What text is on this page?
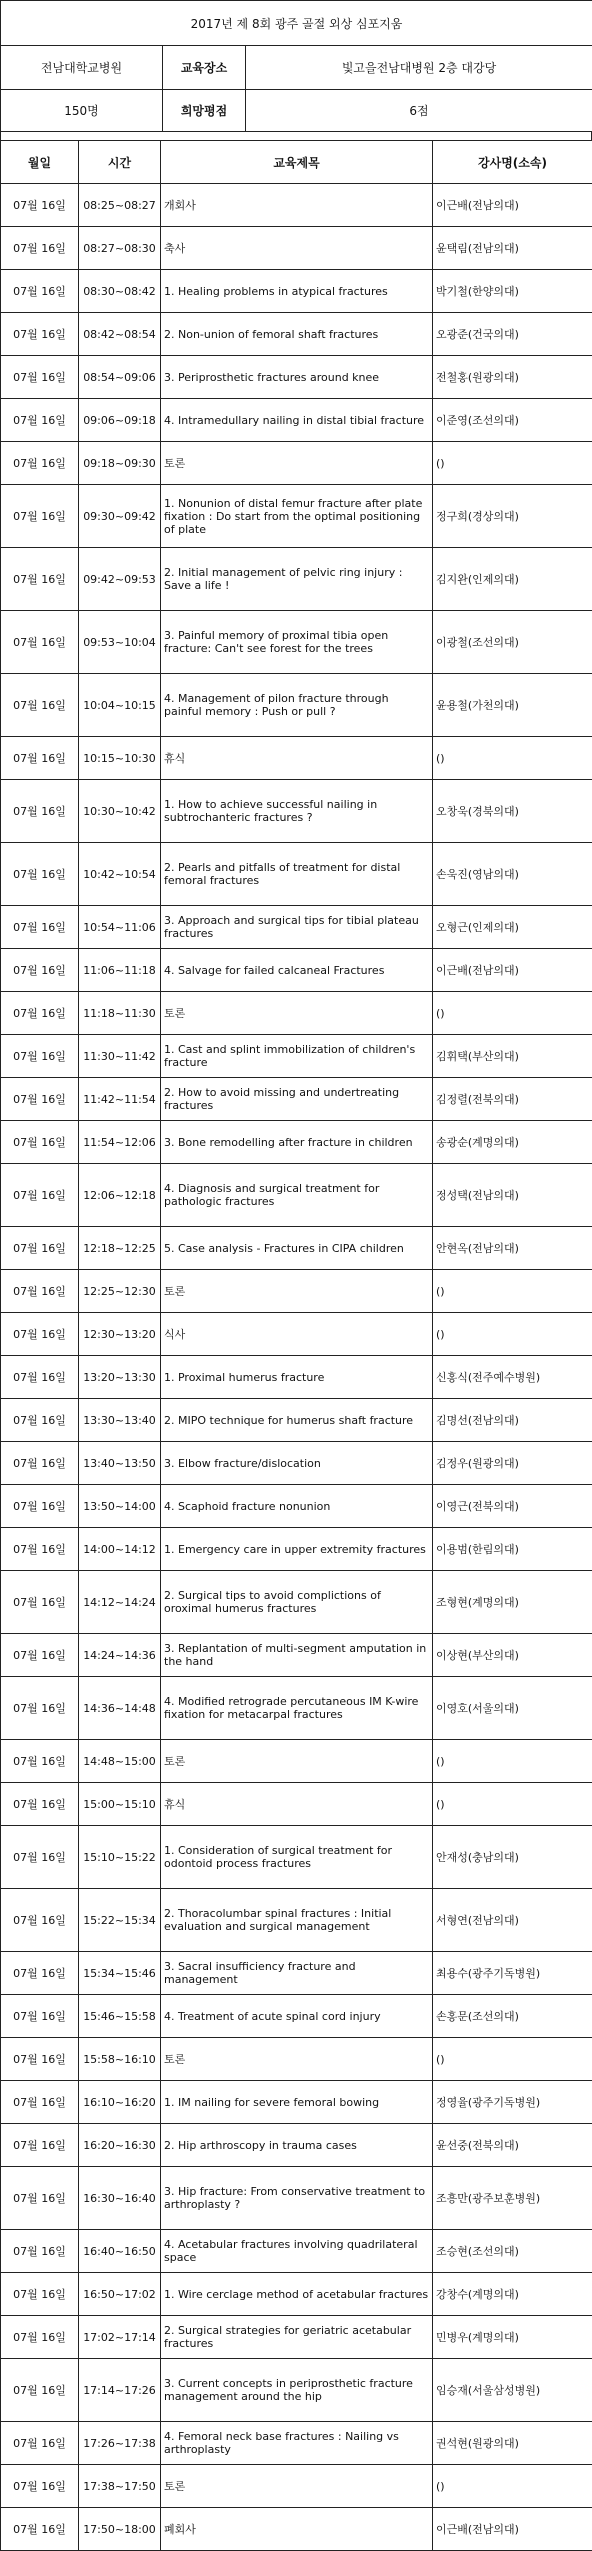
2017년 제 8회 광주 골절 외상 심포지움		
전남대학교병원	교육장소	빛고을전남대병원 2층 대강당
150명	희망평점	6점
월일	시간	교육제목	강사명(소속)
07월 16일	08:25~08:27	개회사	이근배(전남의대)
07월 16일	08:27~08:30	축사	윤택림(전남의대)
07월 16일	08:30~08:42	1. Healing problems in atypical fractures	박기철(한양의대)
07월 16일	08:42~08:54	2. Non-union of femoral shaft fractures	오광준(건국의대)
07월 16일	08:54~09:06	3. Periprosthetic fractures around knee	전철홍(원광의대)
07월 16일	09:06~09:18	4. Intramedullary nailing in distal tibial fracture	이준영(조선의대)
07월 16일	09:18~09:30	토론	()
07월 16일	09:30~09:42	1. Nonunion of distal femur fracture after plate fixation : Do start from the optimal positioning of plate	정구희(경상의대)
07월 16일	09:42~09:53	2. Initial management of pelvic ring injury : Save a life !	김지완(인제의대)
07월 16일	09:53~10:04	3. Painful memory of proximal tibia open fracture: Can't see forest for the trees	이광철(조선의대)
07월 16일	10:04~10:15	4. Management of pilon fracture through painful memory : Push or pull ?	윤용철(가천의대)
07월 16일	10:15~10:30	휴식	()
07월 16일	10:30~10:42	1. How to achieve successful nailing in subtrochanteric fractures ?	오창욱(경북의대)
07월 16일	10:42~10:54	2. Pearls and pitfalls of treatment for distal femoral fractures	손욱진(영남의대)
07월 16일	10:54~11:06	3. Approach and surgical tips for tibial plateau fractures	오형근(인제의대)
07월 16일	11:06~11:18	4. Salvage for failed calcaneal Fractures	이근배(전남의대)
07월 16일	11:18~11:30	토론	()
07월 16일	11:30~11:42	1. Cast and splint immobilization of children's fracture	김휘택(부산의대)
07월 16일	11:42~11:54	2. How to avoid missing and undertreating fractures	김정렬(전북의대)
07월 16일	11:54~12:06	3. Bone remodelling after fracture in children	송광순(계명의대)
07월 16일	12:06~12:18	4. Diagnosis and surgical treatment for pathologic fractures	정성택(전남의대)
07월 16일	12:18~12:25	5. Case analysis - Fractures in CIPA children	안현옥(전남의대)
07월 16일	12:25~12:30	토론	()
07월 16일	12:30~13:20	식사	()
07월 16일	13:20~13:30	1. Proximal humerus fracture	신홍식(전주예수병원)
07월 16일	13:30~13:40	2. MIPO technique for humerus shaft fracture	김명선(전남의대)
07월 16일	13:40~13:50	3. Elbow fracture/dislocation	김정우(원광의대)
07월 16일	13:50~14:00	4. Scaphoid fracture nonunion	이영근(전북의대)
07월 16일	14:00~14:12	1. Emergency care in upper extremity fractures	이용범(한림의대)
07월 16일	14:12~14:24	2. Surgical tips to avoid complictions of oroximal humerus fractures	조형현(계명의대)
07월 16일	14:24~14:36	3. Replantation of multi-segment amputation in the hand	이상현(부산의대)
07월 16일	14:36~14:48	4. Modified retrograde percutaneous IM K-wire fixation for metacarpal fractures	이영호(서울의대)
07월 16일	14:48~15:00	토론	()
07월 16일	15:00~15:10	휴식	()
07월 16일	15:10~15:22	1. Consideration of surgical treatment for odontoid process fractures	안재성(충남의대)
07월 16일	15:22~15:34	2. Thoracolumbar spinal fractures : Initial evaluation and surgical management	서형연(전남의대)
07월 16일	15:34~15:46	3. Sacral insufficiency fracture and management	최용수(광주기독병원)
07월 16일	15:46~15:58	4. Treatment of acute spinal cord injury	손홍문(조선의대)
07월 16일	15:58~16:10	토론	()
07월 16일	16:10~16:20	1. IM nailing for severe femoral bowing	정영율(광주기독병원)
07월 16일	16:20~16:30	2. Hip arthroscopy in trauma cases	윤선중(전북의대)
07월 16일	16:30~16:40	3. Hip fracture: From conservative treatment to arthroplasty ?	조흥만(광주보훈병원)
07월 16일	16:40~16:50	4. Acetabular fractures involving quadrilateral space	조승현(조선의대)
07월 16일	16:50~17:02	1. Wire cerclage method of acetabular fractures	강창수(계명의대)
07월 16일	17:02~17:14	2. Surgical strategies for geriatric acetabular fractures	민병우(계명의대)
07월 16일	17:14~17:26	3. Current concepts in periprosthetic fracture management around the hip	임승재(서울삼성병원)
07월 16일	17:26~17:38	4. Femoral neck base fractures : Nailing vs arthroplasty	권석현(원광의대)
07월 16일	17:38~17:50	토론	()
07월 16일	17:50~18:00	폐회사	이근배(전남의대)
